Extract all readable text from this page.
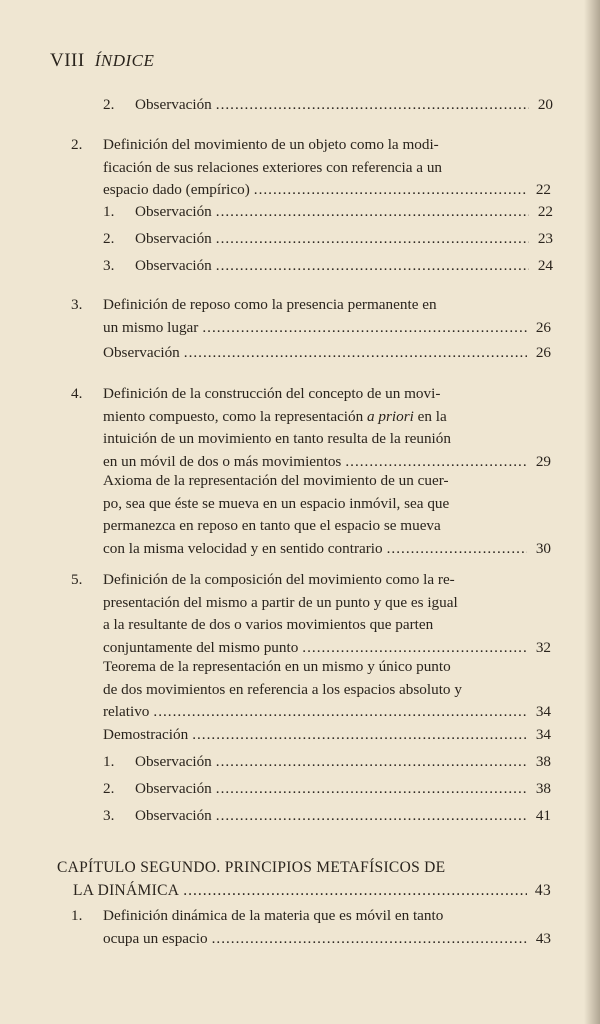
VIII ÍNDICE
2. Observación .....	20
2. Definición del movimiento de un objeto como la modi-
ficación de sus relaciones exteriores con referencia a un
espacio dado (empírico) .....	22
1. Observación .....	22
2. Observación .....	23
3. Observación .....	24
3. Definición de reposo como la presencia permanente en
un mismo lugar .....	26
Observación .....	26
4. Definición de la construcción del concepto de un movi-
miento compuesto, como la representación a priori en la
intuición de un movimiento en tanto resulta de la reunión
en un móvil de dos o más movimientos .....	29
Axioma de la representación del movimiento de un cuer-
po, sea que éste se mueva en un espacio inmóvil, sea que
permanezca en reposo en tanto que el espacio se mueva
con la misma velocidad y en sentido contrario .....	30
5. Definición de la composición del movimiento como la re-
presentación del mismo a partir de un punto y que es igual
a la resultante de dos o varios movimientos que parten
conjuntamente del mismo punto .....	32
Teorema de la representación en un mismo y único punto
de dos movimientos en referencia a los espacios absoluto y
relativo .....	34
Demostración .....	34
1. Observación .....	38
2. Observación .....	38
3. Observación .....	41
CAPÍTULO SEGUNDO. PRINCIPIOS METAFÍSICOS DE
LA DINÁMICA .....	43
1. Definición dinámica de la materia que es móvil en tanto
ocupa un espacio .....	43
